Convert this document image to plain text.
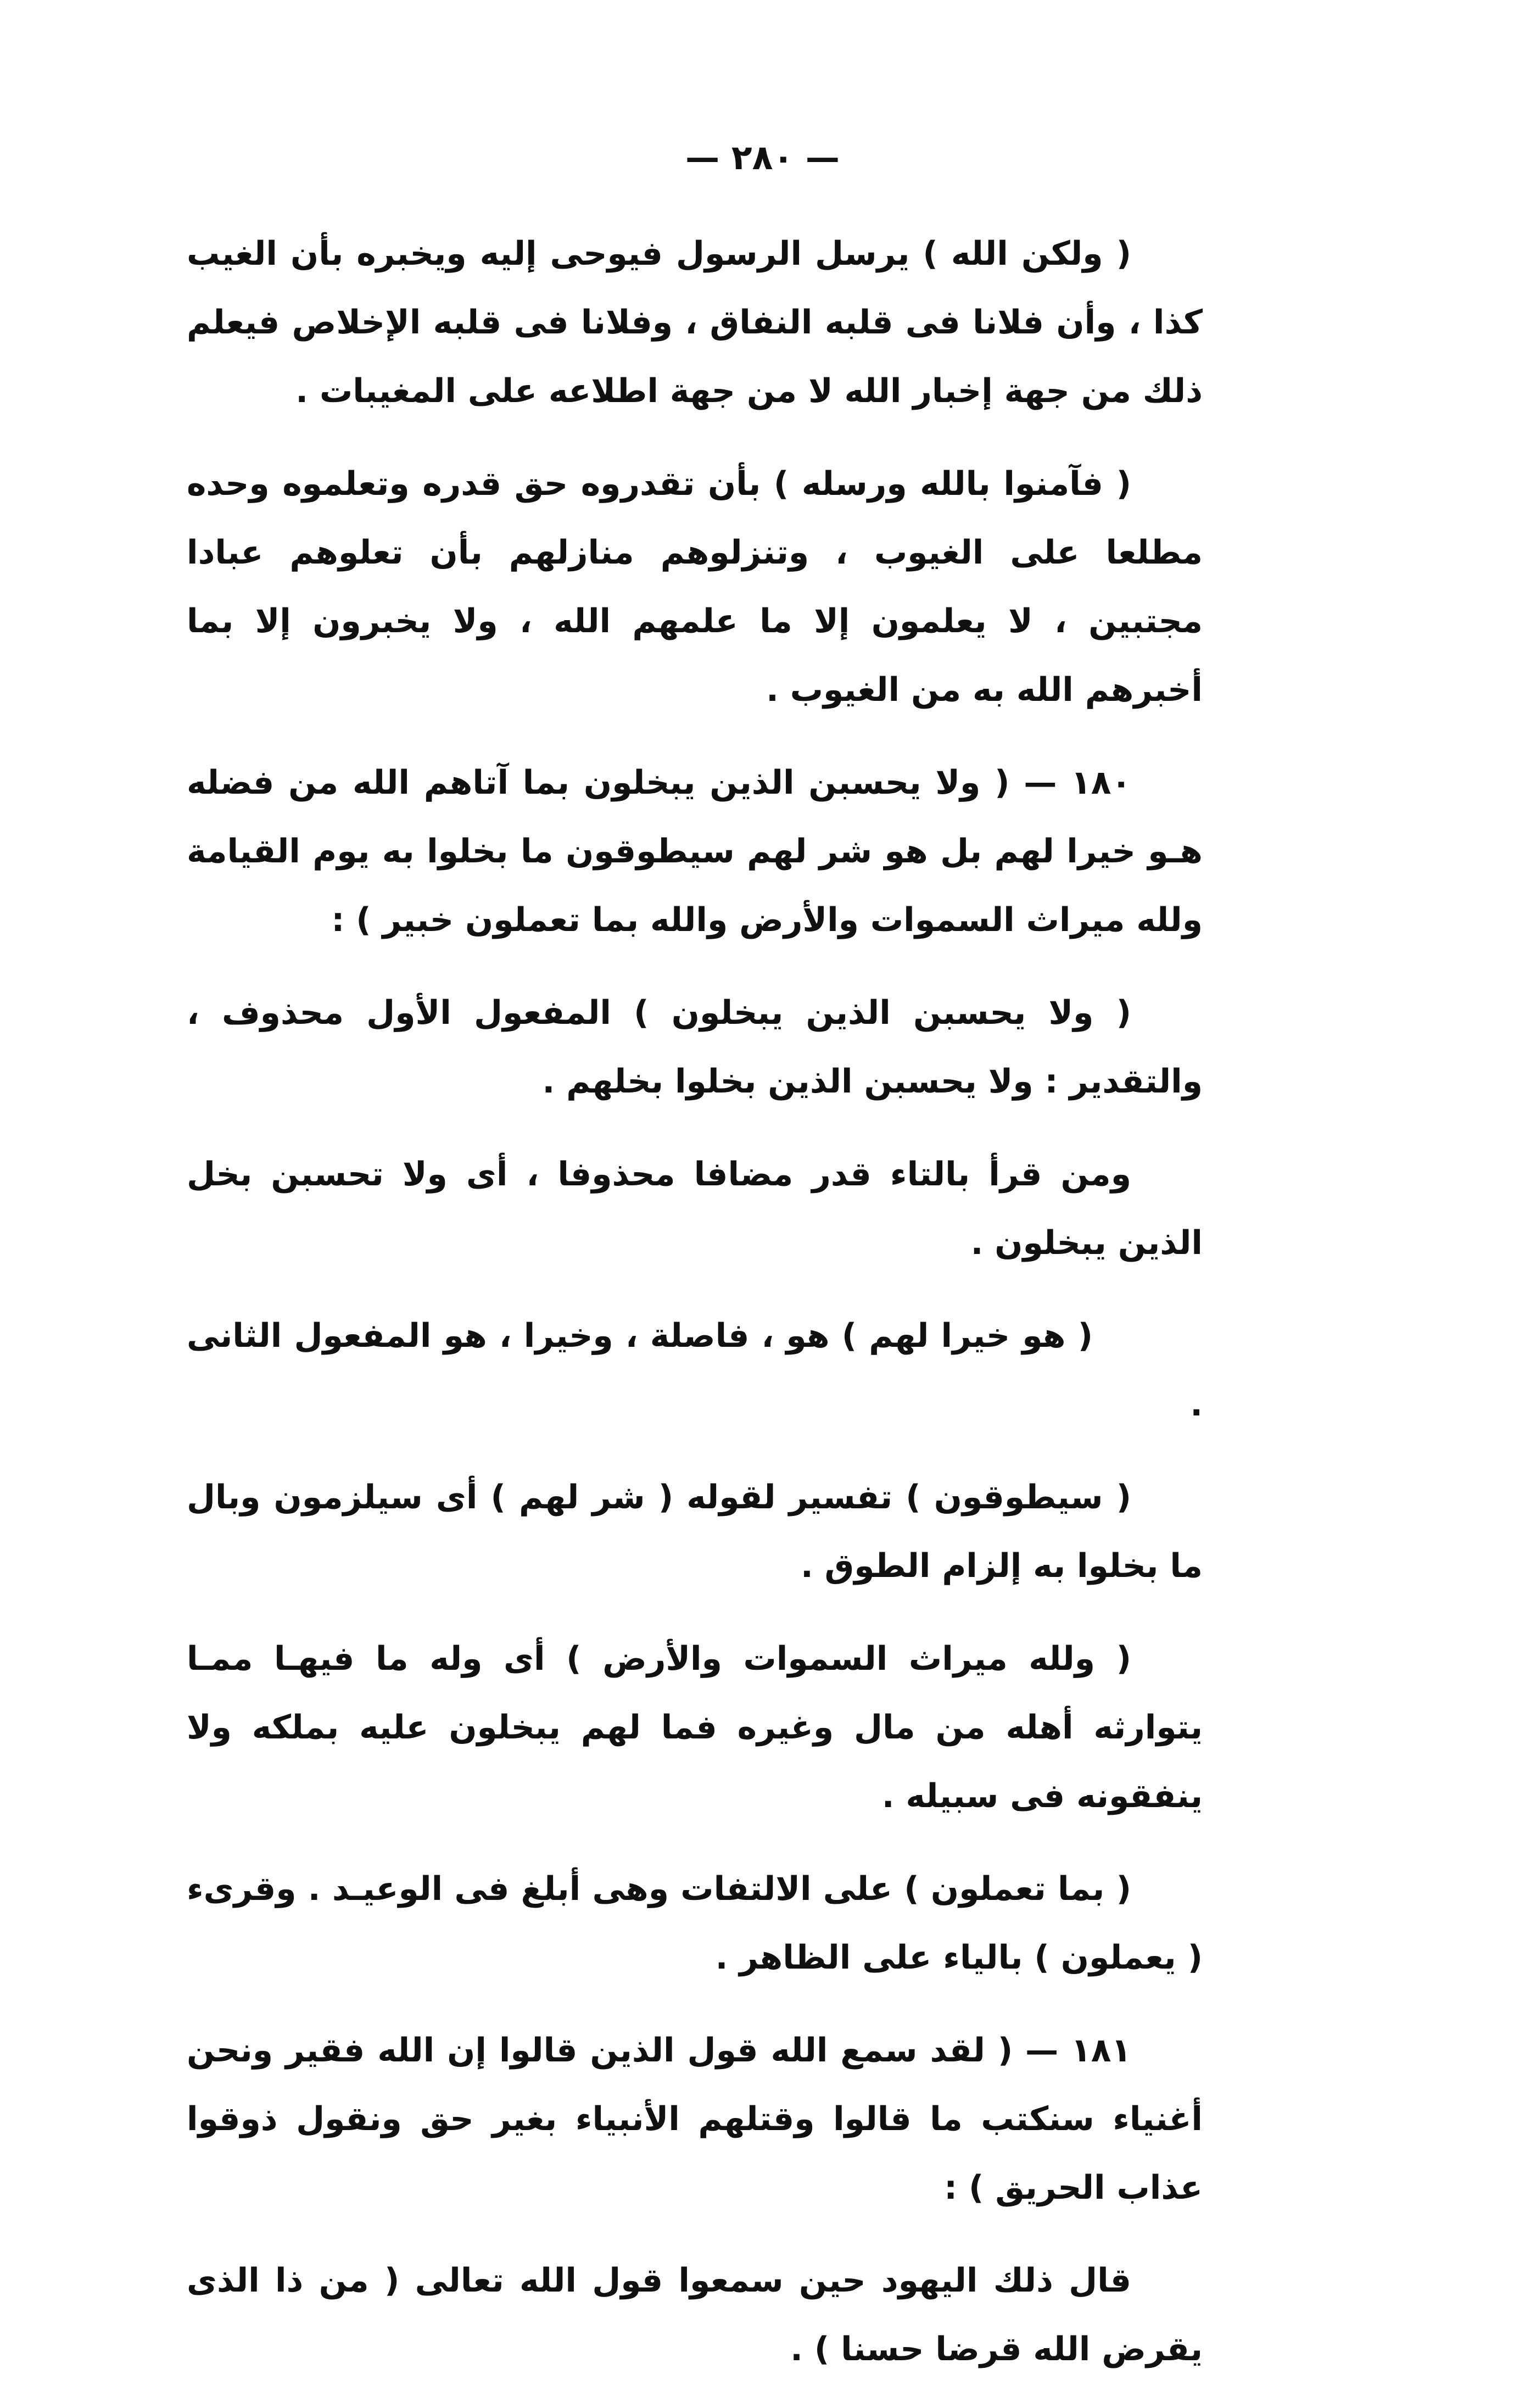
— ٢٨٠ —

( ولكن الله ) يرسل الرسول فيوحى إليه ويخبره بأن الغيب كذا ، وأن فلانا فى قلبه النفاق ، وفلانا فى قلبه الإخلاص فيعلم ذلك من جهة إخبار الله لا من جهة اطلاعه على المغيبات .

( فآمنوا بالله ورسله ) بأن تقدروه حق قدره وتعلموه وحده مطلعا على الغيوب ، وتنزلوهم منازلهم بأن تعلوهم عبادا مجتبين ، لا يعلمون إلا ما علمهم الله ، ولا يخبرون إلا بما أخبرهم الله به من الغيوب .

١٨٠ — ( ولا يحسبن الذين يبخلون بما آتاهم الله من فضله هـو خيرا لهم بل هو شر لهم سيطوقون ما بخلوا به يوم القيامة ولله ميراث السموات والأرض والله بما تعملون خبير ) :

( ولا يحسبن الذين يبخلون ) المفعول الأول محذوف ، والتقدير : ولا يحسبن الذين بخلوا بخلهم .

ومن قرأ بالتاء قدر مضافا محذوفا ، أى ولا تحسبن بخل الذين يبخلون .

( هو خيرا لهم ) هو ، فاصلة ، وخيرا ، هو المفعول الثانى .

( سيطوقون ) تفسير لقوله ( شر لهم ) أى سيلزمون وبال ما بخلوا به إلزام الطوق .

( ولله ميراث السموات والأرض ) أى وله ما فيهـا ممـا يتوارثه أهله من مال وغيره فما لهم يبخلون عليه بملكه ولا ينفقونه فى سبيله .

( بما تعملون ) على الالتفات وهى أبلغ فى الوعيـد . وقرىء ( يعملون ) بالياء على الظاهر .

١٨١ — ( لقد سمع الله قول الذين قالوا إن الله فقير ونحن أغنياء سنكتب ما قالوا وقتلهم الأنبياء بغير حق ونقول ذوقوا عذاب الحريق ) :

قال ذلك اليهود حين سمعوا قول الله تعالى ( من ذا الذى يقرض الله قرضا حسنا ) .
